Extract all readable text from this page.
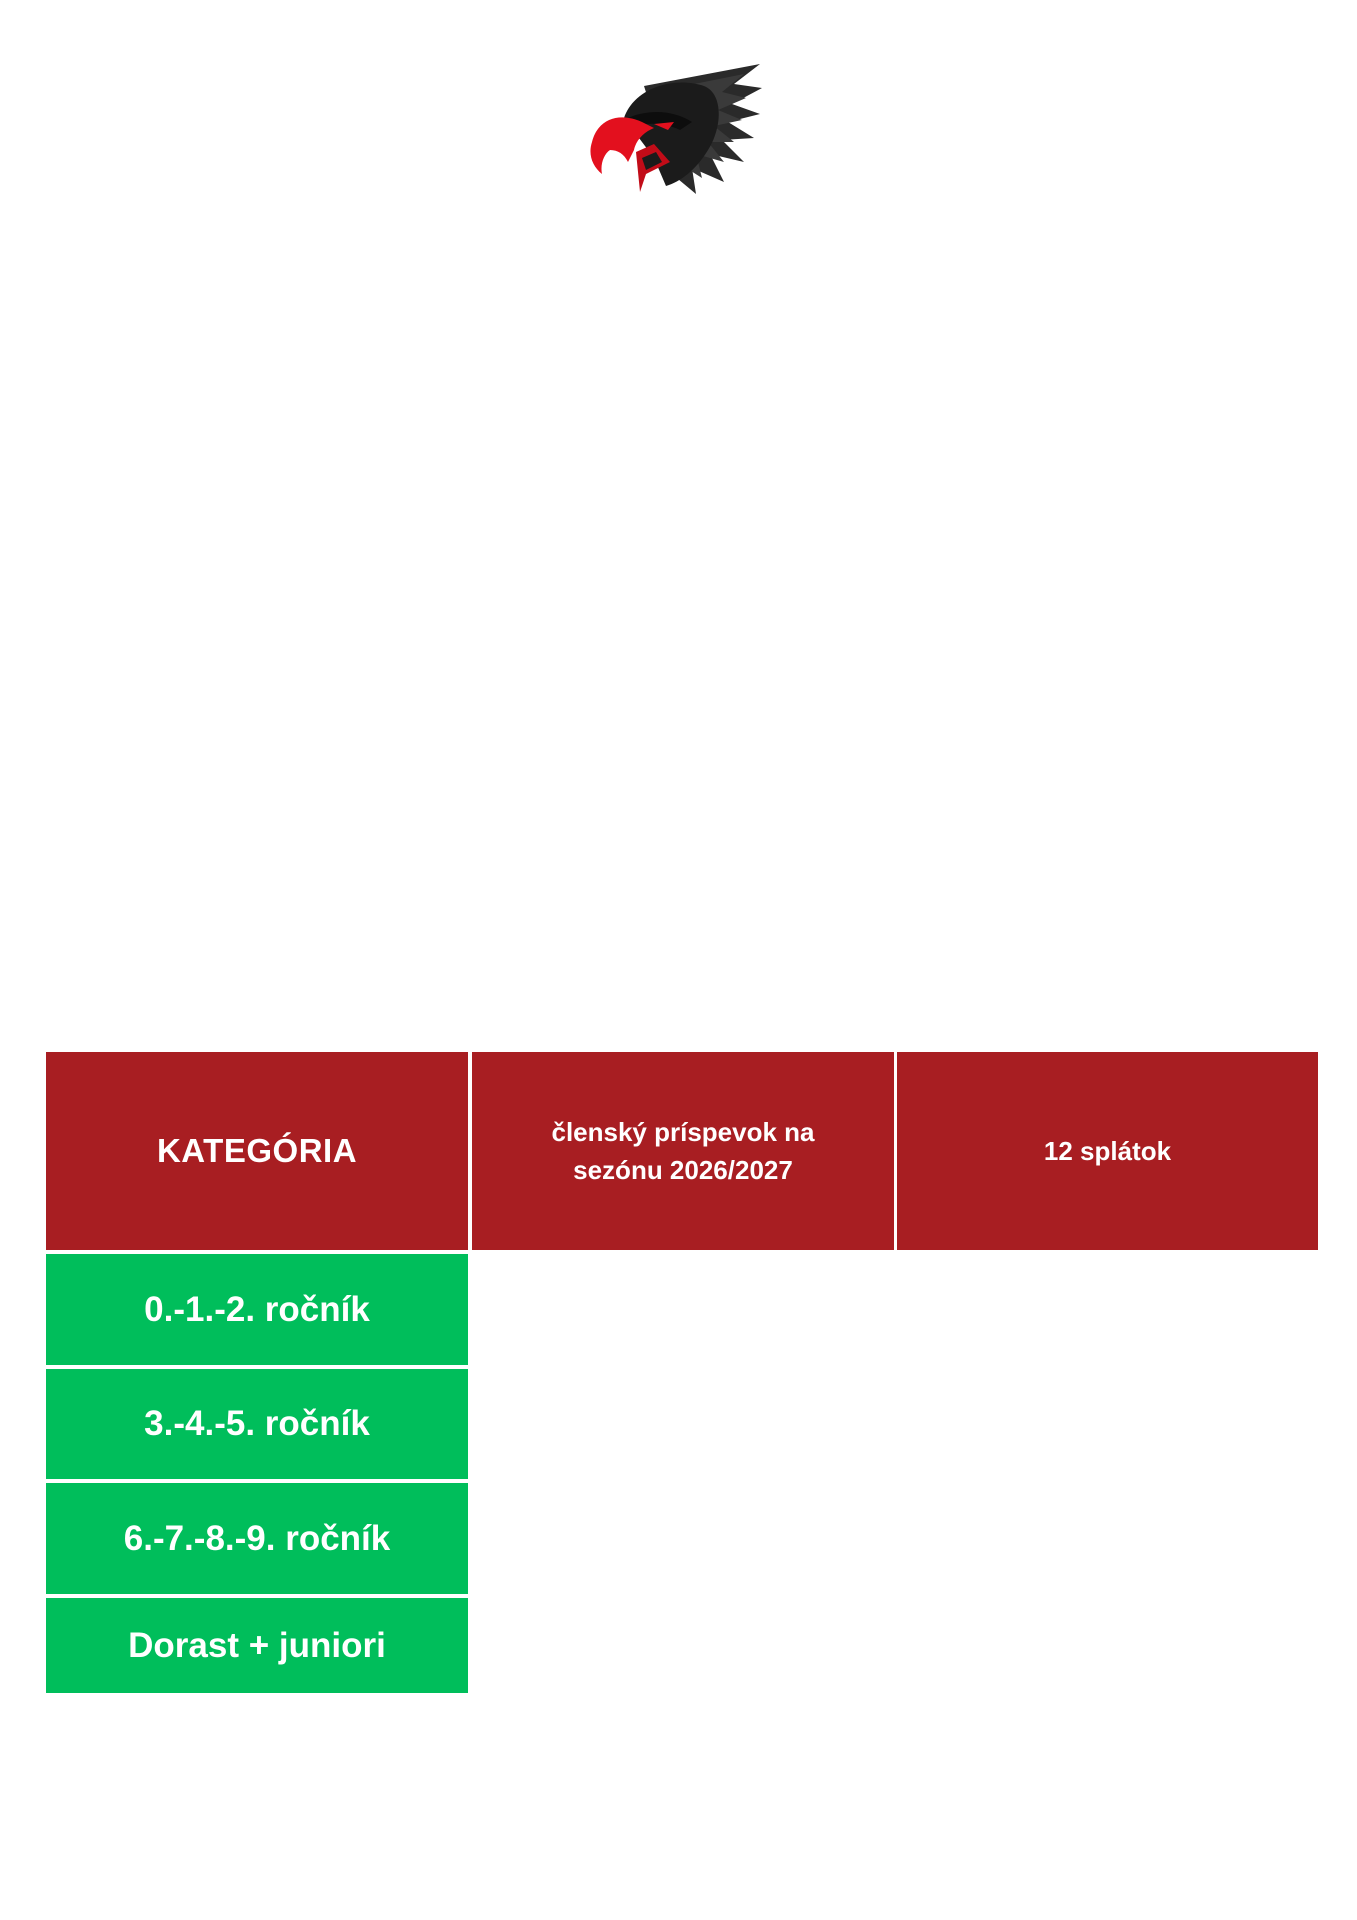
KATEGÓRIA	členský príspevok na sezónu 2026/2027
12 splátok
0.-1.-2. ročník
3.-4.-5. ročník
6.-7.-8.-9. ročník
Dorast + juniori
